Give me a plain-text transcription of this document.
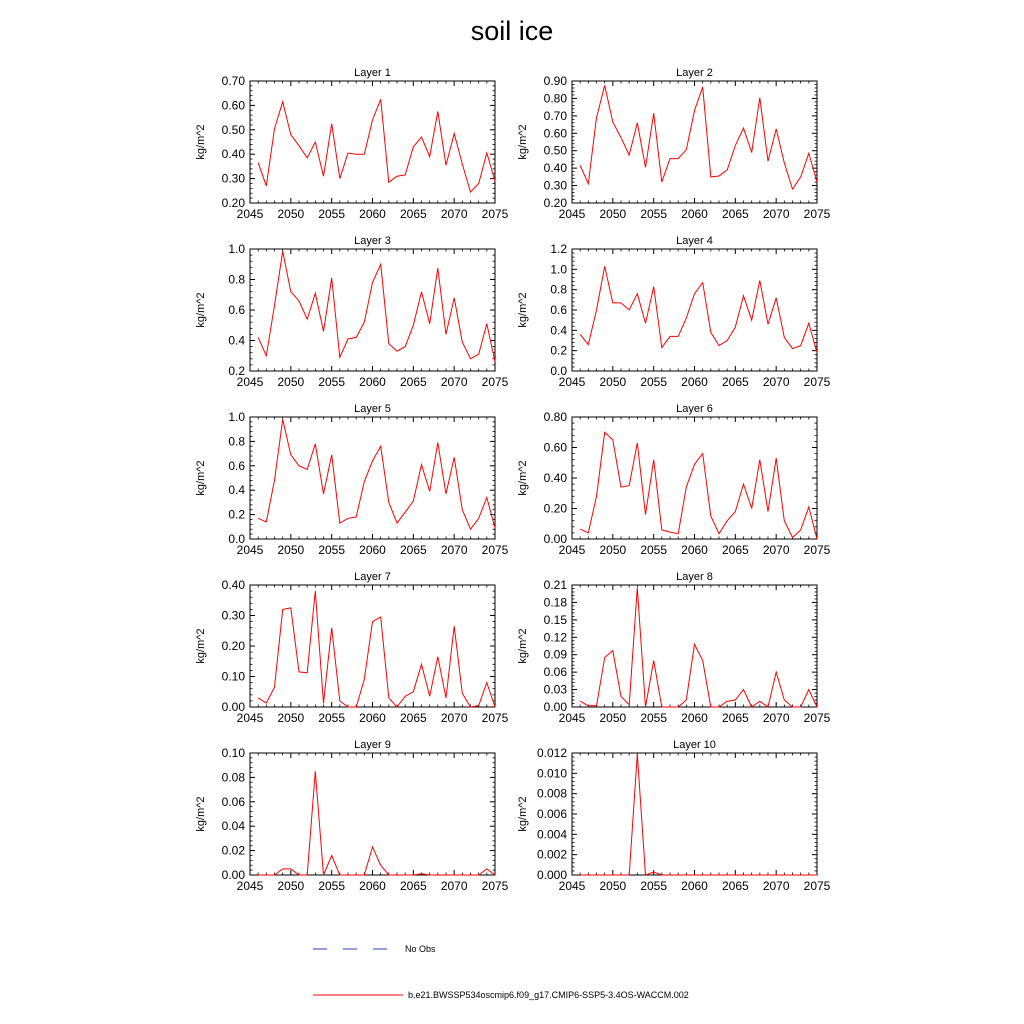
soil ice
Layer 1
kg/m^2
2045 2050 2055 2060 2065 2070 2075
0.20
0.30
0.40
0.50
0.60
0.70
Layer 2
kg/m^2
2045 2050 2055 2060 2065 2070 2075
0.20
0.30
0.40
0.50
0.60
0.70
0.80
0.90
Layer 3
kg/m^2
2045 2050 2055 2060 2065 2070 2075
0.2
0.4
0.6
0.8
1.0
Layer 4
kg/m^2
2045 2050 2055 2060 2065 2070 2075
0.0
0.2
0.4
0.6
0.8
1.0
1.2
Layer 5
kg/m^2
2045 2050 2055 2060 2065 2070 2075
0.0
0.2
0.4
0.6
0.8
1.0
Layer 6
kg/m^2
2045 2050 2055 2060 2065 2070 2075
0.00
0.20
0.40
0.60
0.80
Layer 7
kg/m^2
2045 2050 2055 2060 2065 2070 2075
0.00
0.10
0.20
0.30
0.40
Layer 8
kg/m^2
2045 2050 2055 2060 2065 2070 2075
0.00
0.03
0.06
0.09
0.12
0.15
0.18
0.21
Layer 9
kg/m^2
2045 2050 2055 2060 2065 2070 2075
0.00
0.02
0.04
0.06
0.08
0.10
Layer 10
kg/m^2
2045 2050 2055 2060 2065 2070 2075
0.000
0.002
0.004
0.006
0.008
0.010
0.012
No Obs
b.e21.BWSSP534oscmip6.f09_g17.CMIP6-SSP5-3.4OS-WACCM.002
